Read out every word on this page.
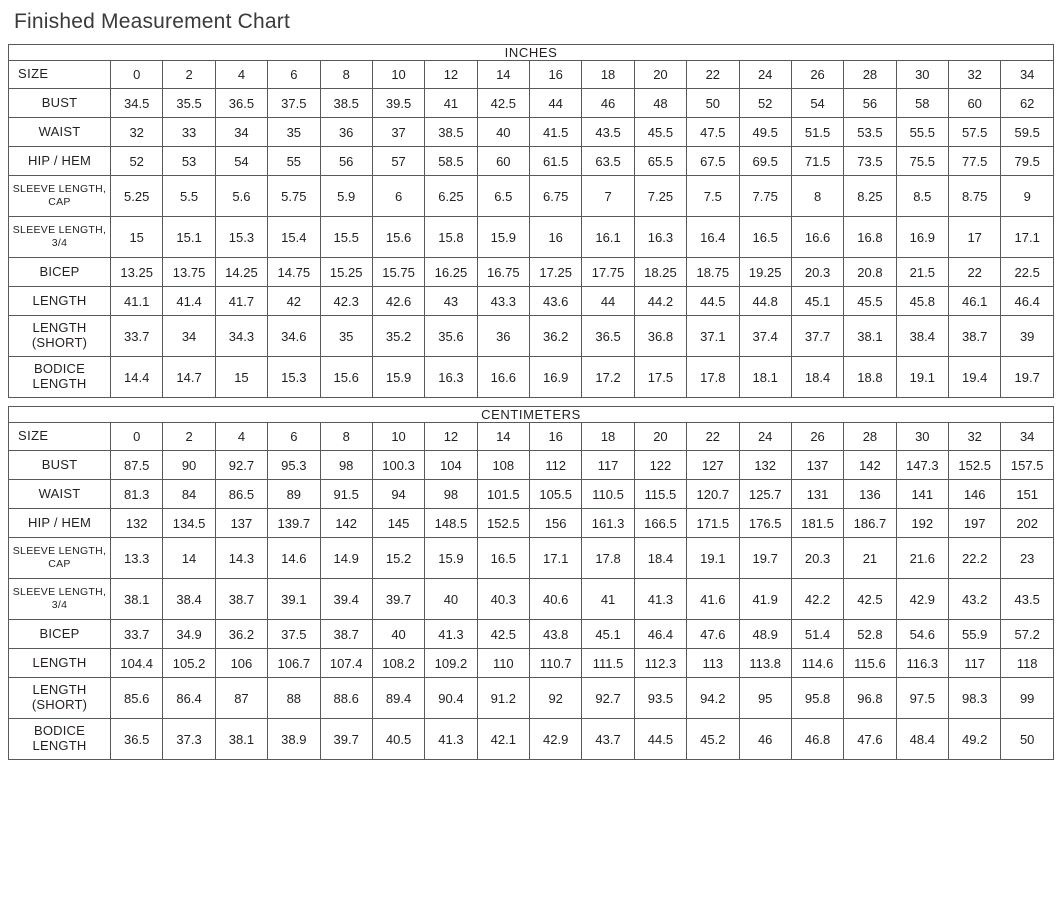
Finished Measurement Chart
INCHES																		
SIZE	0	2	4	6	8	10	12	14	16	18	20	22	24	26	28	30	32	34
BUST	34.5	35.5	36.5	37.5	38.5	39.5	41	42.5	44	46	48	50	52	54	56	58	60	62
WAIST	32	33	34	35	36	37	38.5	40	41.5	43.5	45.5	47.5	49.5	51.5	53.5	55.5	57.5	59.5
HIP / HEM	52	53	54	55	56	57	58.5	60	61.5	63.5	65.5	67.5	69.5	71.5	73.5	75.5	77.5	79.5
SLEEVE LENGTH, CAP	5.25	5.5	5.6	5.75	5.9	6	6.25	6.5	6.75	7	7.25	7.5	7.75	8	8.25	8.5	8.75	9
SLEEVE LENGTH, 3/4	15	15.1	15.3	15.4	15.5	15.6	15.8	15.9	16	16.1	16.3	16.4	16.5	16.6	16.8	16.9	17	17.1
BICEP	13.25	13.75	14.25	14.75	15.25	15.75	16.25	16.75	17.25	17.75	18.25	18.75	19.25	20.3	20.8	21.5	22	22.5
LENGTH	41.1	41.4	41.7	42	42.3	42.6	43	43.3	43.6	44	44.2	44.5	44.8	45.1	45.5	45.8	46.1	46.4
LENGTH (SHORT)	33.7	34	34.3	34.6	35	35.2	35.6	36	36.2	36.5	36.8	37.1	37.4	37.7	38.1	38.4	38.7	39
BODICE LENGTH	14.4	14.7	15	15.3	15.6	15.9	16.3	16.6	16.9	17.2	17.5	17.8	18.1	18.4	18.8	19.1	19.4	19.7
CENTIMETERS																		
SIZE	0	2	4	6	8	10	12	14	16	18	20	22	24	26	28	30	32	34
BUST	87.5	90	92.7	95.3	98	100.3	104	108	112	117	122	127	132	137	142	147.3	152.5	157.5
WAIST	81.3	84	86.5	89	91.5	94	98	101.5	105.5	110.5	115.5	120.7	125.7	131	136	141	146	151
HIP / HEM	132	134.5	137	139.7	142	145	148.5	152.5	156	161.3	166.5	171.5	176.5	181.5	186.7	192	197	202
SLEEVE LENGTH, CAP	13.3	14	14.3	14.6	14.9	15.2	15.9	16.5	17.1	17.8	18.4	19.1	19.7	20.3	21	21.6	22.2	23
SLEEVE LENGTH, 3/4	38.1	38.4	38.7	39.1	39.4	39.7	40	40.3	40.6	41	41.3	41.6	41.9	42.2	42.5	42.9	43.2	43.5
BICEP	33.7	34.9	36.2	37.5	38.7	40	41.3	42.5	43.8	45.1	46.4	47.6	48.9	51.4	52.8	54.6	55.9	57.2
LENGTH	104.4	105.2	106	106.7	107.4	108.2	109.2	110	110.7	111.5	112.3	113	113.8	114.6	115.6	116.3	117	118
LENGTH (SHORT)	85.6	86.4	87	88	88.6	89.4	90.4	91.2	92	92.7	93.5	94.2	95	95.8	96.8	97.5	98.3	99
BODICE LENGTH	36.5	37.3	38.1	38.9	39.7	40.5	41.3	42.1	42.9	43.7	44.5	45.2	46	46.8	47.6	48.4	49.2	50
